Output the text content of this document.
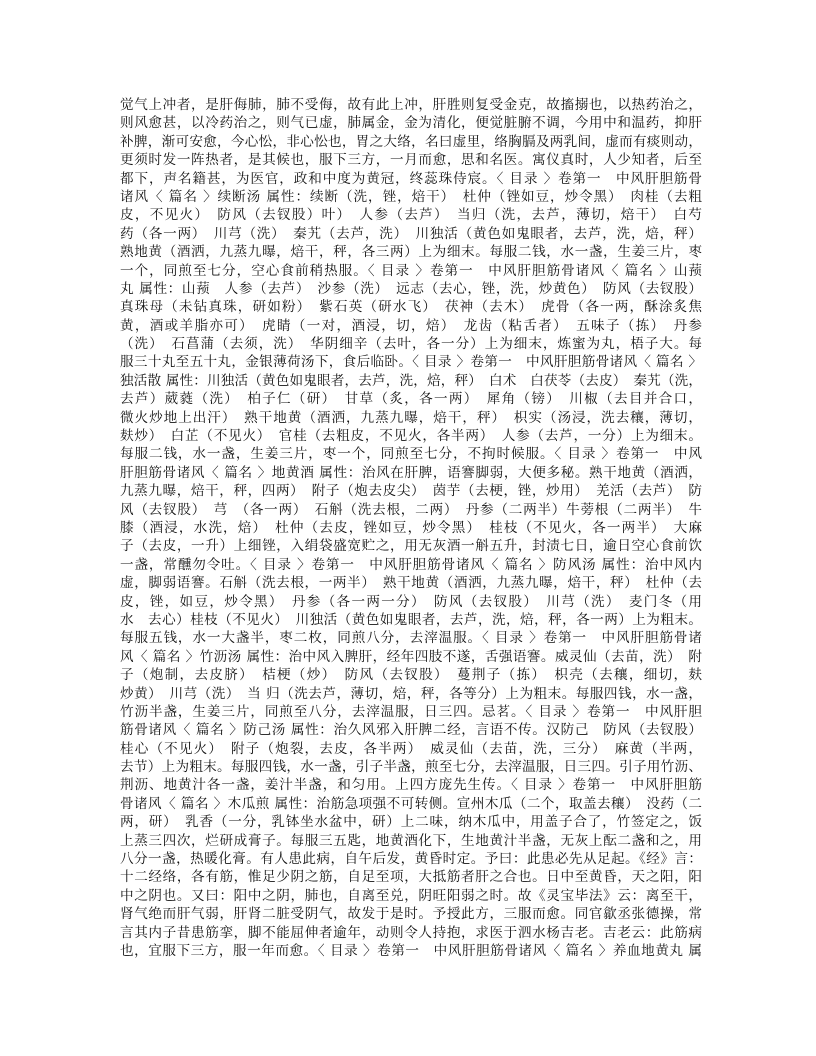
觉气上冲者，是肝侮肺，肺不受侮，故有此上冲，肝胜则复受金克，故搐搦也，以热药治之，
则风愈甚，以冷药治之，则气已虚，肺属金，金为清化，便觉脏腑不调，今用中和温药，抑肝
补脾，渐可安愈，今心忪，非心忪也，胃之大络，名曰虚里，络胸膈及两乳间，虚而有痰则动，
更须时发一阵热者，是其候也，服下三方，一月而愈，思和名医。寓仪真时，人少知者，后至
都下，声名籍甚，为医官，政和中度为黄冠，终蕊珠侍宸。〈 目录 〉卷第一　中风肝胆筋骨
诸风〈 篇名 〉续断汤 属性：续断（洗，锉，焙干）　杜仲（锉如豆，炒令黑）　肉桂（去粗
皮，不见火）　防风（去钗股）叶）　人参（去芦）　当归（洗，去芦，薄切，焙干）　白芍
药（各一两）　川芎（洗）　秦艽（去芦，洗）　川独活（黄色如鬼眼者，去芦，洗，焙，秤）
熟地黄（酒洒，九蒸九曝，焙干，秤，各三两）上为细末。每服二钱，水一盏，生姜三片，枣
一个，同煎至七分，空心食前稍热服。〈 目录 〉卷第一　中风肝胆筋骨诸风〈 篇名 〉山蓣
丸 属性：山蓣　人参（去芦）　沙参（洗）　远志（去心，锉，洗，炒黄色）　防风（去钗股）
真珠母（未钻真珠，研如粉）　紫石英（研水飞）　茯神（去木）　虎骨（各一两，酥涂炙焦
黄，酒或羊脂亦可）　虎睛（一对，酒浸，切，焙）　龙齿（粘舌者）　五味子（拣）　丹参
（洗）　石菖蒲（去须，洗）　华阴细辛（去叶，各一分）上为细末，炼蜜为丸，梧子大。每
服三十丸至五十丸，金银薄荷汤下，食后临卧。〈 目录 〉卷第一　中风肝胆筋骨诸风〈 篇名 〉
独活散 属性：川独活（黄色如鬼眼者，去芦，洗，焙，秤）　白术　白茯苓（去皮）　秦艽（洗，
去芦）葳蕤（洗）　柏子仁（研）　甘草（炙，各一两）　犀角（镑）　川椒（去目并合口，
微火炒地上出汗）　熟干地黄（酒洒，九蒸九曝，焙干，秤）　枳实（汤浸，洗去穰，薄切，
麸炒）　白芷（不见火）　官桂（去粗皮，不见火，各半两）　人参（去芦，一分）上为细末。
每服二钱，水一盏，生姜三片，枣一个，同煎至七分，不拘时候服。〈 目录 〉卷第一　中风
肝胆筋骨诸风〈 篇名 〉地黄酒 属性：治风在肝脾，语謇脚弱，大便多秘。熟干地黄（酒洒，
九蒸九曝，焙干，秤，四两）　附子（炮去皮尖）　茵芋（去梗，锉，炒用）　羌活（去芦）　防
风（去钗股）　芎　（各一两）　石斛（洗去根，二两）　丹参（二两半）牛蒡根（二两半）　牛
膝（酒浸，水洗，焙）　杜仲（去皮，锉如豆，炒令黑）　桂枝（不见火，各一两半）　大麻
子（去皮，一升）上细锉，入绢袋盛宽贮之，用无灰酒一斛五升，封渍七日，逾日空心食前饮
一盏，常醺勿令吐。〈 目录 〉卷第一　中风肝胆筋骨诸风〈 篇名 〉防风汤 属性：治中风内
虚，脚弱语謇。石斛（洗去根，一两半）　熟干地黄（酒洒，九蒸九曝，焙干，秤）　杜仲（去
皮，锉，如豆，炒令黑）　丹参（各一两一分）　防风（去钗股）　川芎（洗）　麦门冬（用
水　去心）桂枝（不见火）　川独活（黄色如鬼眼者，去芦，洗，焙，秤，各一两）上为粗末。
每服五钱，水一大盏半，枣二枚，同煎八分，去滓温服。〈 目录 〉卷第一　中风肝胆筋骨诸
风〈 篇名 〉竹沥汤 属性：治中风入脾肝，经年四肢不遂，舌强语謇。威灵仙（去苗，洗）　附
子（炮制，去皮脐）　桔梗（炒）　防风（去钗股）　蔓荆子（拣）　枳壳（去穰，细切，麸
炒黄）　川芎（洗）　当 归（洗去芦，薄切，焙，秤，各等分）上为粗末。每服四钱，水一盏，
竹沥半盏，生姜三片，同煎至八分，去滓温服，日三四。忌茗。〈 目录 〉卷第一　中风肝胆
筋骨诸风〈 篇名 〉防己汤 属性：治久风邪入肝脾二经，言语不传。汉防己　防风（去钗股）
桂心（不见火）　附子（炮裂，去皮，各半两）　威灵仙（去苗，洗，三分）　麻黄（半两，
去节）上为粗末。每服四钱，水一盏，引子半盏，煎至七分，去滓温服，日三四。引子用竹沥、
荆沥、地黄汁各一盏，姜汁半盏，和匀用。上四方庞先生传。〈 目录 〉卷第一　中风肝胆筋
骨诸风〈 篇名 〉木瓜煎 属性：治筋急项强不可转侧。宣州木瓜（二个，取盖去穰）　没药（二
两，研）　乳香（一分，乳钵坐水盆中，研）上二味，纳木瓜中，用盖子合了，竹签定之，饭
上蒸三四次，烂研成膏子。每服三五匙，地黄酒化下，生地黄汁半盏，无灰上酝二盏和之，用
八分一盏，热暖化膏。有人患此病，自午后发，黄昏时定。予曰：此患必先从足起。《经》言：
十二经络，各有筋，惟足少阴之筋，自足至项，大抵筋者肝之合也。日中至黄昏，天之阳，阳
中之阴也。又曰：阳中之阴，肺也，自离至兑，阴旺阳弱之时。故《灵宝毕法》云：离至干，
肾气绝而肝气弱，肝肾二脏受阴气，故发于是时。予授此方，三服而愈。同官歙丞张德操，常
言其内子昔患筋挛，脚不能屈伸者逾年，动则令人持抱，求医于泗水杨吉老。吉老云：此筋病
也，宜服下三方，服一年而愈。〈 目录 〉卷第一　中风肝胆筋骨诸风〈 篇名 〉养血地黄丸 属
